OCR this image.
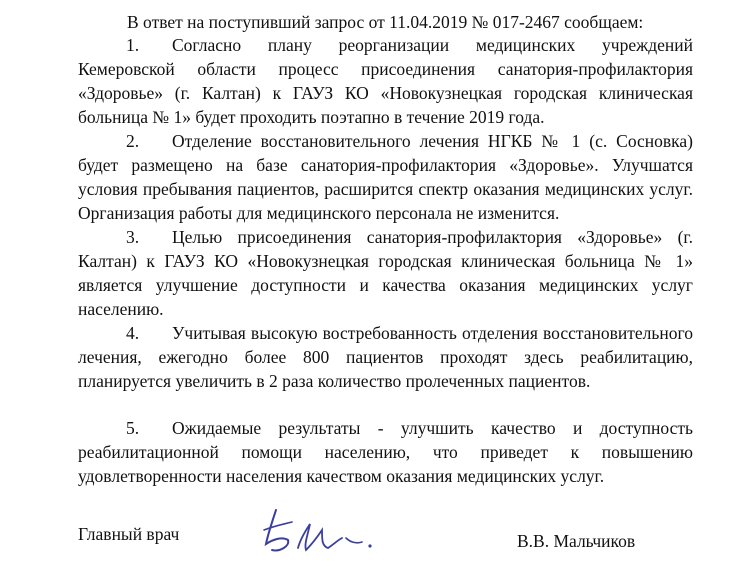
В ответ на поступивший запрос от 11.04.2019 № 017-2467 сообщаем:

1. Согласно плану реорганизации медицинских учреждений Кемеровской области процесс присоединения санатория-профилактория «Здоровье» (г. Калтан) к ГАУЗ КО «Новокузнецкая городская клиническая больница № 1» будет проходить поэтапно в течение 2019 года.

2. Отделение восстановительного лечения НГКБ № 1 (с. Сосновка) будет размещено на базе санатория-профилактория «Здоровье». Улучшатся условия пребывания пациентов, расширится спектр оказания медицинских услуг. Организация работы для медицинского персонала не изменится.

3. Целью присоединения санатория-профилактория «Здоровье» (г. Калтан) к ГАУЗ КО «Новокузнецкая городская клиническая больница № 1» является улучшение доступности и качества оказания медицинских услуг населению.

4. Учитывая высокую востребованность отделения восстановительного лечения, ежегодно более 800 пациентов проходят здесь реабилитацию, планируется увеличить в 2 раза количество пролеченных пациентов.

5. Ожидаемые результаты - улучшить качество и доступность реабилитационной помощи населению, что приведет к повышению удовлетворенности населения качеством оказания медицинских услуг.

Главный врач	В.В. Мальчиков
